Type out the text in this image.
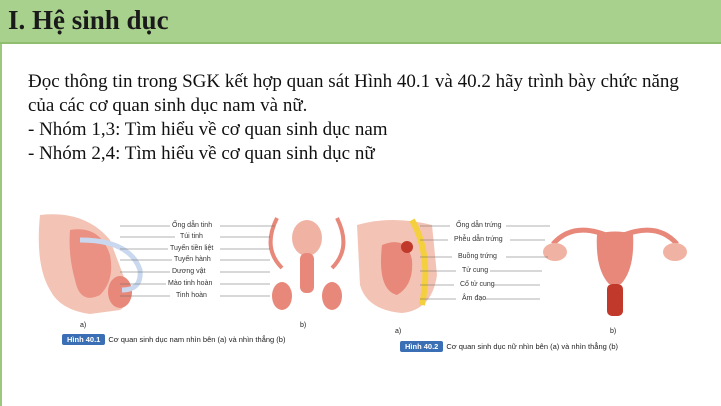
I. Hệ sinh dục

Đọc thông tin trong SGK kết hợp quan sát Hình 40.1 và 40.2 hãy trình bày chức năng của các cơ quan sinh dục nam và nữ.

- Nhóm 1,3: Tìm hiểu về cơ quan sinh dục nam

- Nhóm 2,4: Tìm hiểu về cơ quan sinh dục nữ

Ống dẫn tinh
Túi tinh
Tuyến tiền liệt
Tuyến hành
Dương vật
Mào tinh hoàn
Tinh hoàn
a)	b)
Hình 40.1 Cơ quan sinh dục nam nhìn bên (a) và nhìn thẳng (b)
Ống dẫn trứng
Phễu dẫn trứng
Buồng trứng
Tử cung
Cổ tử cung
Âm đạo
a)	b)
Hình 40.2 Cơ quan sinh dục nữ nhìn bên (a) và nhìn thẳng (b)
